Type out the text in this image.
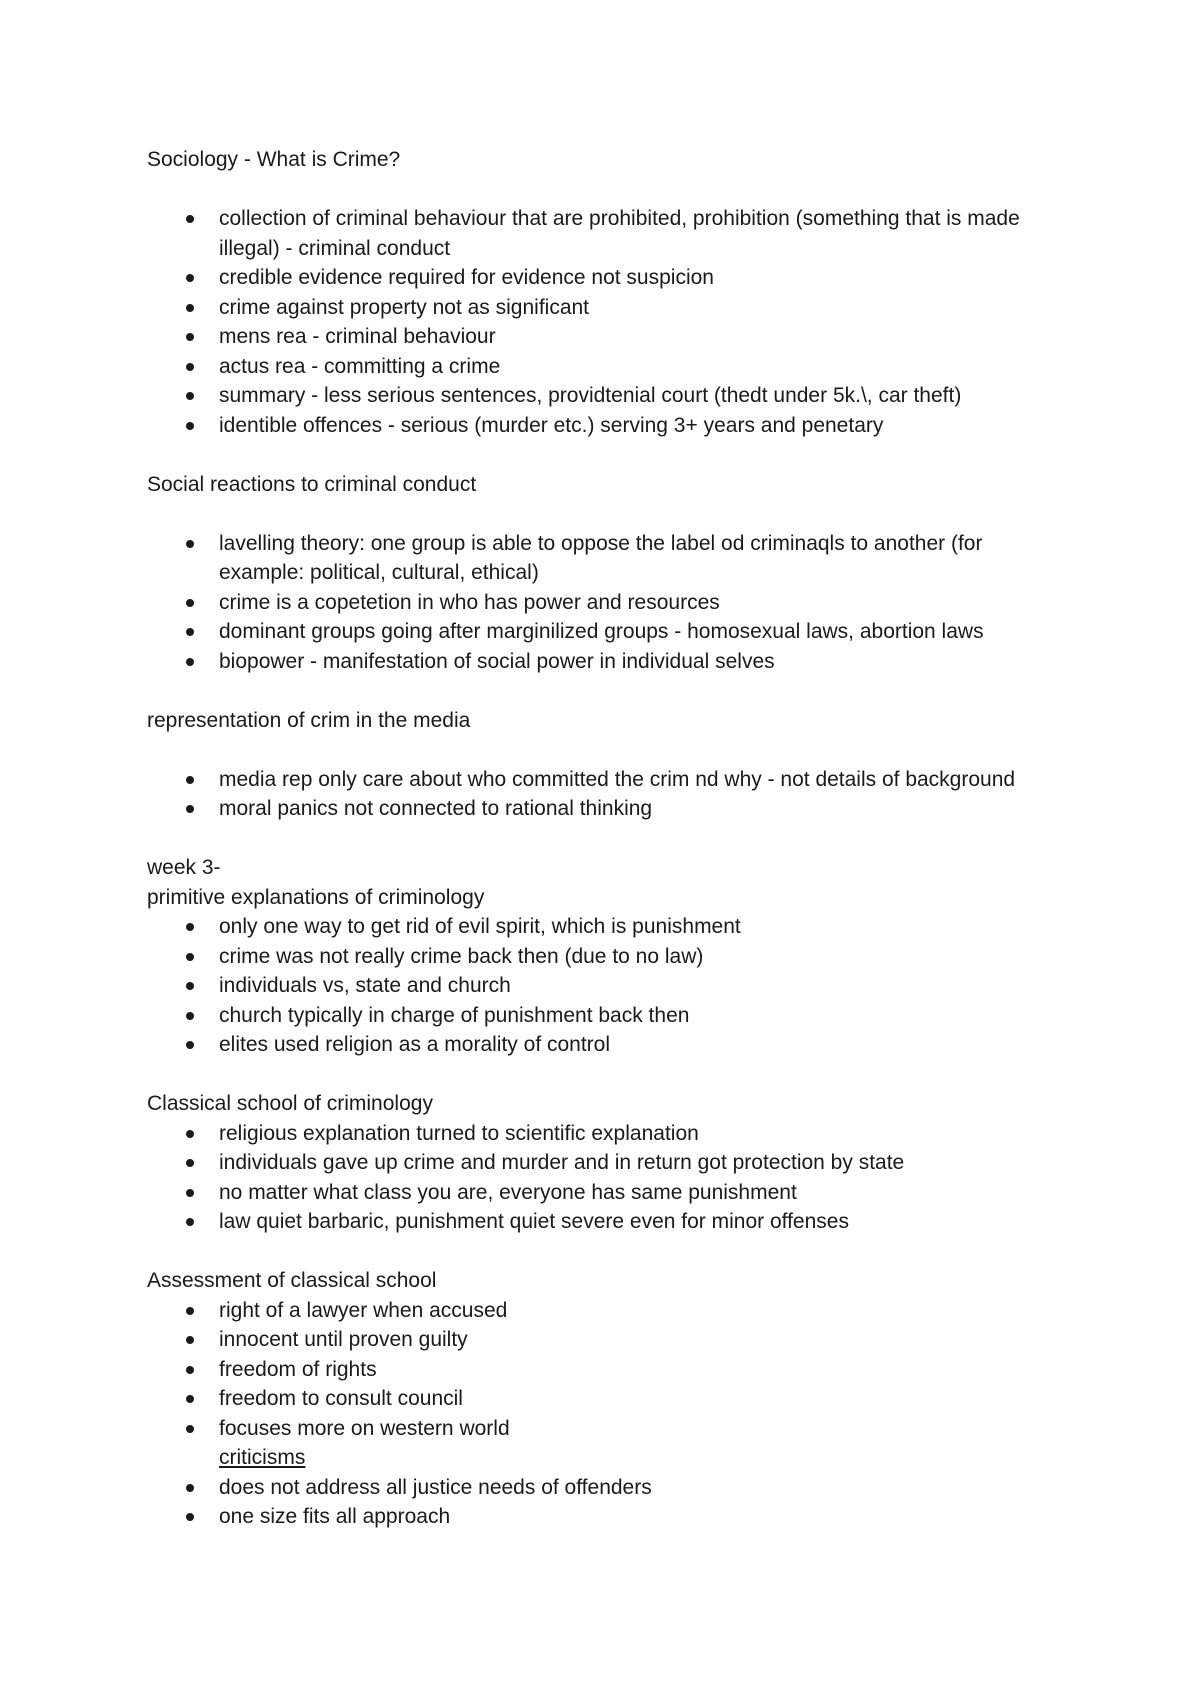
Sociology - What is Crime?
collection of criminal behaviour that are prohibited, prohibition (something that is made illegal) - criminal conduct
credible evidence required for evidence not suspicion
crime against property not as significant
mens rea - criminal behaviour
actus rea - committing a crime
summary - less serious sentences, providtenial court (thedt under 5k.\, car theft)
identible offences - serious (murder etc.) serving 3+ years and penetary
Social reactions to criminal conduct
lavelling theory: one group is able to oppose the label od criminaqls to another (for example: political, cultural, ethical)
crime is a copetetion in who has power and resources
dominant groups going after marginilized groups - homosexual laws, abortion laws
biopower - manifestation of social power in individual selves
representation of crim in the media
media rep only care about who committed the crim nd why - not details of background
moral panics not connected to rational thinking
week 3-
primitive explanations of criminology
only one way to get rid of evil spirit, which is punishment
crime was not really crime back then (due to no law)
individuals vs, state and church
church typically in charge of punishment back then
elites used religion as a morality of control
Classical school of criminology
religious explanation turned to scientific explanation
individuals gave up crime and murder and in return got protection by state
no matter what class you are, everyone has same punishment
law quiet barbaric, punishment quiet severe even for minor offenses
Assessment of classical school
right of a lawyer when accused
innocent until proven guilty
freedom of rights
freedom to consult council
focuses more on western world
criticisms
does not address all justice needs of offenders
one size fits all approach
